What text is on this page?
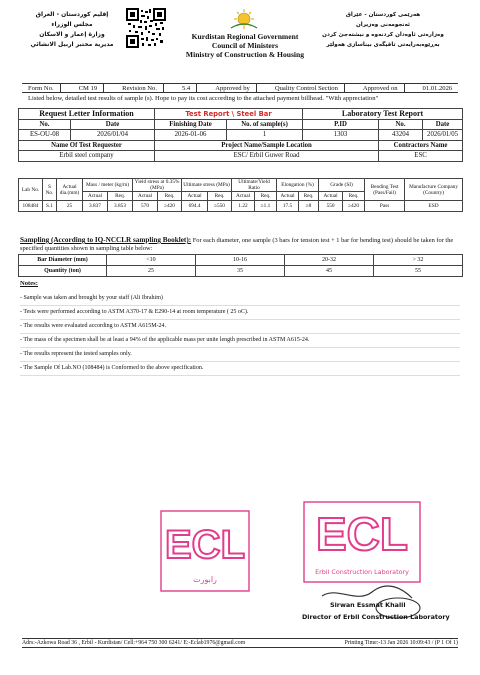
إقليم كوردستان - العراق
مجلس الوزراء
وزارة إعمار و الاسكان
مديرية مختبر اربيل الانشائي
Kurdistan Regional Government
Council of Ministers
Ministry of Construction & Housing
هەرێمی کوردستان - عێراق
ئەنجومەنی وەزیران
وەزارەتی ئاوەدان کردنەوە و نیشتەجێ کردن
بەڕێوەبەرایەتی تاقیگەی بیناسازی هەولێر
Form No.	CM 19	Revision No.	5.4	Approved by	Quality Control Section	Approved on	01.01.2026
Listed below, detailed test results of sample (s). Hope to pay its cost according to the attached payment billhead. "With appreciation"
Request Letter Information		Test Report \ Steel Bar		Laboratory Test Report		
No.	Date	Finishing Date	No. of sample(s)	P.ID	No.	Date
ES-OU-08	2026/01/04	2026-01-06	1	1303	43204	2026/01/05
Name Of Test Requester		Project Name/Sample Location			Contractors Name	
Erbil steel company		ESC/ Erbil Guwer Road			ESC	
Lab No.	S No.	Actual dia.(mm)	Mass / meter (kg/m)		Yield stress at 0.35%(MPa)		Ultimate stress (MPa)		Ultimate/Yield Ratio		Elongation (%)		Grade (SI)		Bending Test (Pass/Fail)	Manufacture Company (Country)
			Actual	Req.	Actual	Req.	Actual	Req.	Actual	Req.	Actual	Req.	Actual	Req.		
108484	S.1	25	3.837	3.853	570	≥420	694.4	≥550	1.22	≥1.1	17.5	≥8	550	≥420	Pass	ESD
Sampling (According to IQ-NCCLR sampling Booklet): For each diameter, one sample (3 bars for tension test + 1 bar for bending test) should be taken for the specified quantities shown in sampling table below:
Bar Diameter (mm)	<10	10-16	20-32	> 32
Quantity (ton)	25	35	45	55
Notes:
- Sample was taken and brought by your staff (Ali Ibrahim)
- Tests were performed according to ASTM A370-17 & E290-14 at room temperature ( 25 oC).
- The results were evaluated according to ASTM A615M-24.
- The mass of the specimen shall be at least a 94% of the applicable mass per unite length prescribed in ASTM A615-24.
- The results represent the tested samples only.
- The Sample Of Lab.NO (108484) is Conformed to the above specification.
ECL
رابورت
ECL
Erbil Construction Laboratory
Sirwan Essmat Khalil
Director of Erbil Construction Laboratory
Adrs:-Azkowa Road 36 , Erbil - Kurdistan/ Cell:+964 750 300 6241/ E:-Eclab1976@gmail.com	Printing Time:-13 Jan 2026 10:09:43 / (P 1 Of 1)
